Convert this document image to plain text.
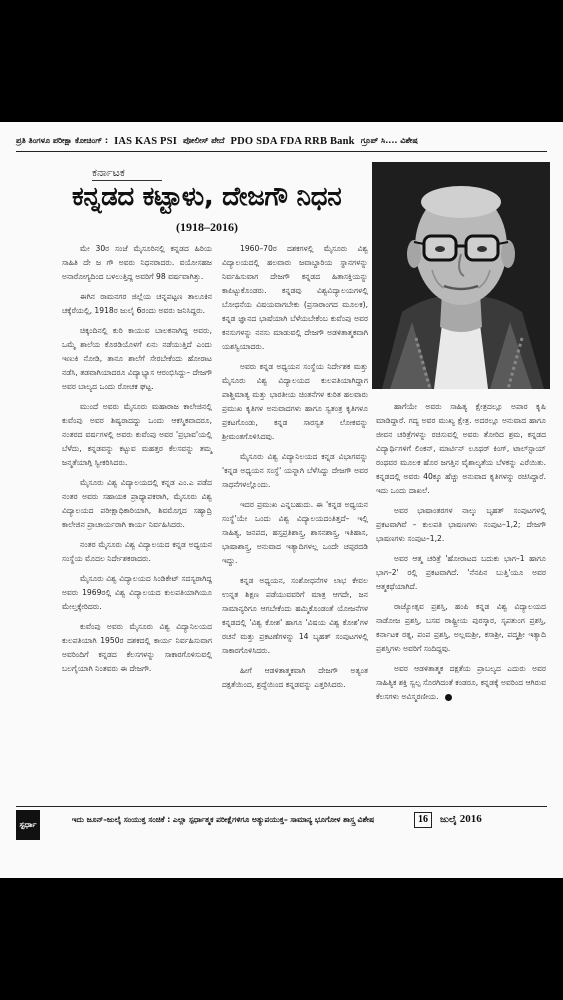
ಪ್ರತಿ ತಿಂಗಳೂ ಪರೀಕ್ಷಾ ಕೋಚಿಂಗ್ : IAS KAS PSI ಪೋಲೀಸ್ ಪೇದೆ PDO SDA FDA RRB Bank ಗ್ರೂಪ್ ಸಿ.... ವಿಶೇಷ
ಕರ್ನಾಟಕ
ಕನ್ನಡದ ಕಟ್ಟಾಳು, ದೇಜಗೌ ನಿಧನ
(1918–2016)

ಮೇ 30ರ ಸಂಜೆ ಮೈಸೂರಿನಲ್ಲಿ ಕನ್ನಡದ ಹಿರಿಯ ಸಾಹಿತಿ ದೇ ಜ ಗೌ ಅವರು ನಿಧನರಾದರು. ವಯೋಸಹಜ ಅನಾರೋಗ್ಯದಿಂದ ಬಳಲುತ್ತಿದ್ದ ಅವರಿಗೆ 98 ವರ್ಷವಾಗಿತ್ತು.

ಈಗಿನ ರಾಮನಗರ ಜಿಲ್ಲೆಯ ಚನ್ನಪಟ್ಟಣ ತಾಲೂಕಿನ ಚಕ್ಕೆರೆಯಲ್ಲಿ, 1918ರ ಜುಲೈ 6ರಂದು ಅವರು ಜನಿಸಿದ್ದರು.

ಚಿಕ್ಕಂದಿನಲ್ಲಿ ಕುರಿ ಕಾಯುವ ಬಾಲಕನಾಗಿದ್ದ ಅವರು, ಒಮ್ಮೆ ಶಾಲೆಯ ಕೊಠಡಿಯೊಳಗೆ ಏನು ನಡೆಯುತ್ತಿದೆ ಎಂದು ಇಣುಕಿ ನೋಡಿ, ತಾನೂ ಶಾಲೆಗೆ ಸೇರಬೇಕೆಂದು ಹೋರಾಟ ನಡೆಸಿ, ತಡವಾಗಿಯಾದರೂ ವಿದ್ಯಾಭ್ಯಾಸ ಆರಂಭಿಸಿದ್ದು– ದೇಜಗೌ ಅವರ ಬಾಲ್ಯದ ಒಂದು ರೋಚಕ ಘಟ್ಟ.

ಮುಂದೆ ಅವರು ಮೈಸೂರು ಮಹಾರಾಜ ಕಾಲೇಜಿನಲ್ಲಿ ಕುವೆಂಪು ಅವರ ಶಿಷ್ಯರಾದದ್ದು ಒಂದು ಆಕಸ್ಮಿಕವಾದರೂ, ನಂತರದ ವರ್ಷಗಳಲ್ಲಿ ಅವರು ಕುವೆಂಪು ಅವರ 'ಪ್ರಭಾವ'ಯಲ್ಲಿ ಬೆಳೆದು, ಕನ್ನಡವನ್ನು ಕಟ್ಟುವ ಮಹತ್ತರ ಕೆಲಸವನ್ನು ತಮ್ಮ ಜನ್ಮತೆಯಾಗ್ಗಿ ಸ್ವೀಕರಿಸಿದರು.

ಮೈಸೂರು ವಿಶ್ವ ವಿದ್ಯಾಲಯದಲ್ಲಿ ಕನ್ನಡ ಎಂ.ಎ ಪಡೆದ ನಂತರ ಅವರು ಸಹಾಯಕ ಪ್ರಾಧ್ಯಾಪಕರಾಗಿ, ಮೈಸೂರು ವಿಶ್ವ ವಿದ್ಯಾಲಯದ ಪರೀಕ್ಷಾಧಿಕಾರಿಯಾಗಿ, ಶಿವಮೊಗ್ಗದ ಸಹ್ಯಾದ್ರಿ ಕಾಲೇಜಿನ ಪ್ರಾಚಾರ್ಯರಾಗಿ ಕಾರ್ಯ ನಿರ್ವಹಿಸಿದರು.

ನಂತರ ಮೈಸೂರು ವಿಶ್ವ ವಿದ್ಯಾಲಯದ ಕನ್ನಡ ಅಧ್ಯಯನ ಸಂಸ್ಥೆಯ ಮೊದಲ ನಿರ್ದೇಶಕರಾದರು.

ಮೈಸೂರು ವಿಶ್ವ ವಿದ್ಯಾಲಯದ ಸಿಂಡಿಕೇಟ್ ಸದಸ್ಯರಾಗಿದ್ದ ಅವರು 1969ರಲ್ಲಿ ವಿಶ್ವ ವಿದ್ಯಾಲಯದ ಕುಲಪತಿಯಾಗಿಯೂ ಮೇಲ್ತಕ್ಕೇರಿದರು.

ಕುವೆಂಪು ಅವರು ಮೈಸೂರು ವಿಶ್ವ ವಿದ್ಯಾನಿಲಯದ ಕುಲಪತಿಯಾಗಿ 1950ರ ದಶಕದಲ್ಲಿ ಕಾರ್ಯ ನಿರ್ವಹಿಸುವಾಗ ಅವರಿಂದಿಗೆ ಕನ್ನಡದ ಕೆಲಸಗಳನ್ನು ಸಾಕಾರಗೊಳಿಸುವಲ್ಲಿ ಬಲಗೈಯಾಗಿ ನಿಂತವರು ಈ ದೇಜಗೌ.

1960–70ರ ದಶಕಗಳಲ್ಲಿ ಮೈಸೂರು ವಿಶ್ವ ವಿದ್ಯಾಲಯದಲ್ಲಿ ಹಲವಾರು ಜವಾಬ್ದಾರಿಯ ಸ್ಥಾನಗಳನ್ನು ನಿರ್ವಹಿಸುವಾಗ ದೇಜಗೌ ಕನ್ನಡದ ಹಿತಾಸಕ್ತಿಯನ್ನು ಕಾಪಿಟ್ಟುಕೊಂಡರು. ಕನ್ನಡವು ವಿಶ್ವವಿದ್ಯಾಲಯಗಳಲ್ಲಿ ಬೋಧನೆಯ ವಿಷಯವಾಗಬೇಕು (ಪ್ರಸಾರಾಂಗದ ಮೂಲಕ), ಕನ್ನಡ ಜ್ಞಾನದ ಭಾಷೆಯಾಗಿ ಬೆಳೆಯಬೇಕೆಂಬ ಕುವೆಂಪು ಅವರ ಕನಸುಗಳನ್ನು ನನಸು ಮಾಡುವಲ್ಲಿ ದೇಜಗೌ ಅಡಳಿತಾತ್ಮಕವಾಗಿ ಯಶಸ್ವಿಯಾದರು.

ಅವರು ಕನ್ನಡ ಅಧ್ಯಯನ ಸಂಸ್ಥೆಯ ನಿರ್ದೇಶಕ ಮತ್ತು ಮೈಸೂರು ವಿಶ್ವ ವಿದ್ಯಾಲಯದ ಕುಲಪತಿಯಾಗಿದ್ದಾಗ ಪಾಶ್ಚಿಮಾತ್ಯ ಮತ್ತು ಭಾರತೀಯ ಚಿಂತನೆಗಳ ಕುರಿತ ಹಲವಾರು ಪ್ರಮುಖ ಕೃತಿಗಳ ಅನುವಾದಗಳು ಹಾಗೂ ಸ್ವತಂತ್ರ ಕೃತಿಗಳೂ ಪ್ರಕಟಗೊಂಡು, ಕನ್ನಡ ಸಾರಸ್ವತ ಲೋಕವನ್ನು ಶ್ರೀಮಂತಗೊಳಿಸಿದವು.

ಮೈಸೂರು ವಿಶ್ವ ವಿದ್ಯಾನಿಲಯದ ಕನ್ನಡ ವಿಭಾಗವನ್ನು 'ಕನ್ನಡ ಅಧ್ಯಯನ ಸಂಸ್ಥೆ' ಯನ್ನಾಗಿ ಬೆಳೆಸಿದ್ದು ದೇಜಗೌ ಅವರ ಸಾಧನೆಗಳಲ್ಲೊಂದು.

ಇದರ ಪ್ರಮುಖ ಎನ್ನಬಹುದು. ಈ 'ಕನ್ನಡ ಅಧ್ಯಯನ ಸಂಸ್ಥೆ'ಯೇ ಒಂದು ವಿಶ್ವ ವಿದ್ಯಾಲಯದಂತಿತ್ತದೆ– ಇಲ್ಲಿ ಸಾಹಿತ್ಯ, ಜನಪದ, ಹಸ್ತಪ್ರತಿಶಾಸ್ತ್ರ, ಶಾಸನಶಾಸ್ತ್ರ, ಇತಿಹಾಸ, ಭಾಷಾಶಾಸ್ತ್ರ, ಅನುವಾದ ಇತ್ಯಾದಿಗಳಲ್ಲ ಒಂದೇ ಚಪ್ಪರದಡಿ ಇದ್ದು.

ಕನ್ನಡ ಅಧ್ಯಯನ, ಸಂಶೋಧನೆಗಳ ಲಾಭ ಕೇವಲ ಉನ್ನತ ಶಿಕ್ಷಣ ಪಡೆಯುವವರಿಗೆ ಮಾತ್ರ ಆಗದೇ, ಜನ ಸಾಮಾನ್ಯರಿಗೂ ಆಗಬೇಕೆಂದು ಹಮ್ಮಿಕೊಂಡಂತೆ ಯೋಜನೆಗಳ ಕನ್ನಡದಲ್ಲಿ 'ವಿಶ್ವ ಕೋಶ' ಹಾಗೂ 'ವಿಷಯ ವಿಶ್ವ ಕೋಶ'ಗಳ ರಚನೆ ಮತ್ತು ಪ್ರಕಟಣೆಗಳನ್ನು 14 ಬೃಹತ್ ಸಂಪುಟಗಳಲ್ಲಿ ಸಾಕಾರಗೊಳಿಸಿದರು.

ಹೀಗೆ ಆಡಳಿತಾತ್ಮಕವಾಗಿ ದೇಜಗೌ ಅತ್ಯಂತ ದಕ್ಷತೆಯಿಂದ, ಶ್ರದ್ಧೆಯಿಂದ ಕನ್ನಡವನ್ನು ಎತ್ತರಿಸಿದರು.

ಹಾಗೆಯೇ ಅವರು ಸಾಹಿತ್ಯ ಕ್ಷೇತ್ರದಲ್ಲೂ ಅಪಾರ ಕೃಷಿ ಮಾಡಿದ್ದಾರೆ. ಗದ್ಯ ಅವರ ಮುಖ್ಯ ಕ್ಷೇತ್ರ. ಅದರಲ್ಲೂ ಅನುವಾದ ಹಾಗೂ ಜೀವನ ಚರಿತ್ರೆಗಳನ್ನು ರಚಿಸುವಲ್ಲಿ ಅವರು ತೋರಿದ ಶ್ರಮ, ಕನ್ನಡದ ವಿದ್ಯಾರ್ಥಿಗಳಿಗೆ ಲಿಂಕನ್, ಮಾರ್ಟಿನ್ ಲೂಥರ್ ಕಿಂಗ್, ಟಾಲ್‌ಸ್ಟಾಯ್ ರಂಥವರ ಮೂಲಕ ಹೊರ ಜಗತ್ತಿನ ವೈಶಾಲ್ಯತೆಯ ಬೆಳಕನ್ನು ಎರೆಯಿತು. ಕನ್ನಡದಲ್ಲಿ ಅವರು 40ಕ್ಕೂ ಹೆಚ್ಚು ಅನುವಾದ ಕೃತಿಗಳನ್ನು ರಚಿಸಿದ್ದಾರೆ. ಇದು ಒಂದು ದಾಖಲೆ.

ಅವರ ಭಾಷಾಂತರಗಳ ನಾಲ್ಕು ಬೃಹತ್ ಸಂಪುಟಗಳಲ್ಲಿ ಪ್ರಕಟವಾಗಿವೆ – ಕುಲಪತಿ ಭಾಷಣಗಳು ಸಂಪುಟ–1,2; ದೇಜಗೌ ಭಾಷಣಗಳು ಸಂಪುಟ–1,2.

ಅವರ ಆತ್ಮ ಚರಿತ್ರೆ 'ಹೋರಾಟದ ಬದುಕು ಭಾಗ–1 ಹಾಗೂ ಭಾಗ–2' ರಲ್ಲಿ ಪ್ರಕಟವಾಗಿದೆ. 'ನೆನಪಿನ ಬುತ್ತಿ'ಯೂ ಅವರ ಆತ್ಮಕಥೆಯಾಗಿದೆ.

ರಾಜ್ಯೋತ್ಸವ ಪ್ರಶಸ್ತಿ, ಹಂಪಿ ಕನ್ನಡ ವಿಶ್ವ ವಿದ್ಯಾಲಯದ ನಾಡೋಜ ಪ್ರಶಸ್ತಿ, ಬಸವ ರಾಷ್ಟ್ರೀಯ ಪುರಸ್ಕಾರ, ಸೃಪತುಂಗ ಪ್ರಶಸ್ತಿ, ಕರ್ನಾಟಕ ರತ್ನ, ಪಂಪ ಪ್ರಶಸ್ತಿ, ಅಲ್ಲಮಶ್ರೀ, ಕಸಾಶ್ರೀ, ಪದ್ಮಶ್ರೀ ಇತ್ಯಾದಿ ಪ್ರಶಸ್ತಿಗಳು ಅವರಿಗೆ ಸಂದಿದ್ದವು.

ಅವರ ಆಡಳಿತಾತ್ಮಕ ದಕ್ಷತೆಯ ಪ್ರಾಬಲ್ಯದ ಎದುರು ಅವರ ಸಾಹಿತ್ಯಿಕ ಶಕ್ತಿ ಸ್ವಲ್ಪ ಸೊರಗಿದಂತೆ ಕಂಡರೂ, ಕನ್ನಡಕ್ಕೆ ಅವರಿಂದ ಆಗಿರುವ ಕೆಲಸಗಳು ಅವಿಸ್ಮರಣೀಯ.

ಸ್ಪರ್ಧಾ
ಇದು ಜೂನ್–ಜುಲೈ ಸಂಯುಕ್ತ ಸಂಚಿಕೆ : ಎಲ್ಲಾ ಸ್ಪರ್ಧಾತ್ಮಕ ಪರೀಕ್ಷೆಗಳಿಗೂ ಅತ್ಯುಪಯುಕ್ತ– ಸಾಮಾನ್ಯ ಭೂಗೋಳ ಶಾಸ್ತ್ರ ವಿಶೇಷ	16	ಜುಲೈ 2016
